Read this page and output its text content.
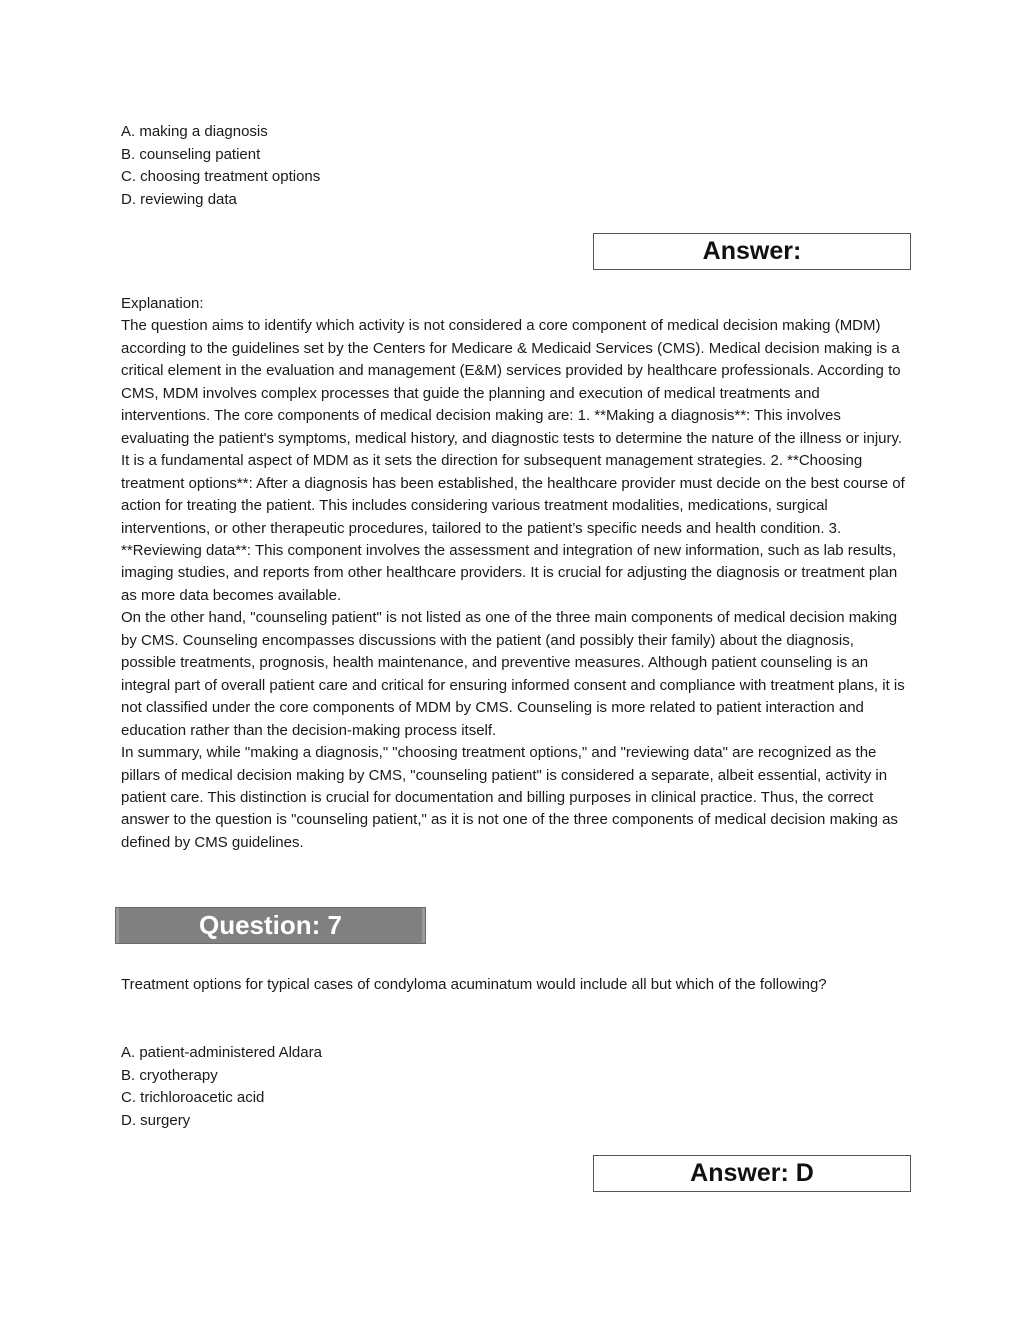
A. making a diagnosis
B. counseling patient
C. choosing treatment options
D. reviewing data
Answer:

Explanation:

The question aims to identify which activity is not considered a core component of medical decision making (MDM) according to the guidelines set by the Centers for Medicare & Medicaid Services (CMS). Medical decision making is a critical element in the evaluation and management (E&M) services provided by healthcare professionals. According to CMS, MDM involves complex processes that guide the planning and execution of medical treatments and interventions. The core components of medical decision making are: 1. **Making a diagnosis**: This involves evaluating the patient's symptoms, medical history, and diagnostic tests to determine the nature of the illness or injury. It is a fundamental aspect of MDM as it sets the direction for subsequent management strategies. 2. **Choosing treatment options**: After a diagnosis has been established, the healthcare provider must decide on the best course of action for treating the patient. This includes considering various treatment modalities, medications, surgical interventions, or other therapeutic procedures, tailored to the patient’s specific needs and health condition. 3. **Reviewing data**: This component involves the assessment and integration of new information, such as lab results, imaging studies, and reports from other healthcare providers. It is crucial for adjusting the diagnosis or treatment plan as more data becomes available.

On the other hand, "counseling patient" is not listed as one of the three main components of medical decision making by CMS. Counseling encompasses discussions with the patient (and possibly their family) about the diagnosis, possible treatments, prognosis, health maintenance, and preventive measures. Although patient counseling is an integral part of overall patient care and critical for ensuring informed consent and compliance with treatment plans, it is not classified under the core components of MDM by CMS. Counseling is more related to patient interaction and education rather than the decision-making process itself.

In summary, while "making a diagnosis," "choosing treatment options," and "reviewing data" are recognized as the pillars of medical decision making by CMS, "counseling patient" is considered a separate, albeit essential, activity in patient care. This distinction is crucial for documentation and billing purposes in clinical practice. Thus, the correct answer to the question is "counseling patient," as it is not one of the three components of medical decision making as defined by CMS guidelines.

Question: 7

Treatment options for typical cases of condyloma acuminatum would include all but which of the following?

A. patient-administered Aldara
B. cryotherapy
C. trichloroacetic acid
D. surgery
Answer: D
